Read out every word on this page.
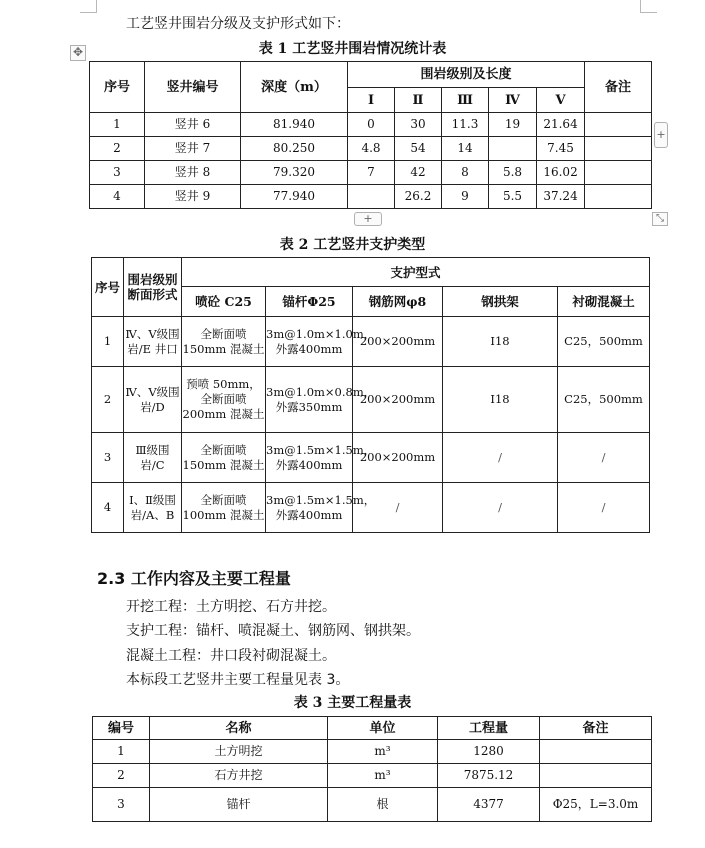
工艺竖井围岩分级及支护形式如下：
表 1 工艺竖井围岩情况统计表
✥
序号	竖井编号	深度（m）	围岩级别及长度					备注
			Ⅰ	Ⅱ	Ⅲ	Ⅳ	Ⅴ	
1	竖井 6	81.940	0	30	11.3	19	21.64	
2	竖井 7	80.250	4.8	54	14		7.45	
3	竖井 8	79.320	7	42	8	5.8	16.02	
4	竖井 9	77.940		26.2	9	5.5	37.24	
+
+	⤡
表 2 工艺竖井支护类型
序号	围岩级别断面形式	支护型式				
		喷砼 C25	锚杆Φ25	钢筋网φ8	钢拱架	衬砌混凝土
1	Ⅳ、Ⅴ级围岩/E 井口	全断面喷150mm 混凝土	3m@1.0m×1.0m，外露400mm	200×200mm	I18	C25，500mm
2	Ⅳ、Ⅴ级围岩/D	预喷 50mm，全断面喷200mm 混凝土	3m@1.0m×0.8m，外露350mm	200×200mm	I18	C25，500mm
3	Ⅲ级围岩/C	全断面喷150mm 混凝土	3m@1.5m×1.5m，外露400mm	200×200mm	/	/
4	Ⅰ、Ⅱ级围岩/A、B	全断面喷100mm 混凝土	3m@1.5m×1.5m，外露400mm	/	/	/
2.3 工作内容及主要工程量
开挖工程：土方明挖、石方井挖。
支护工程：锚杆、喷混凝土、钢筋网、钢拱架。
混凝土工程：井口段衬砌混凝土。
本标段工艺竖井主要工程量见表 3。
表 3 主要工程量表
编号	名称	单位	工程量	备注
1	土方明挖	m³	1280	
2	石方井挖	m³	7875.12	
3	锚杆	根	4377	Φ25，L=3.0m
